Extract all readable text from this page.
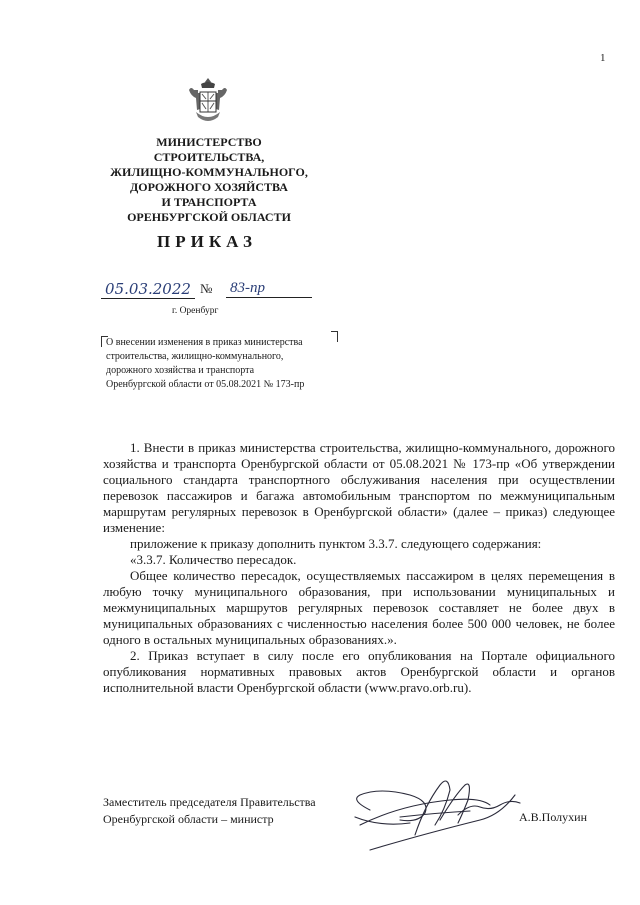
1
МИНИСТЕРСТВО
СТРОИТЕЛЬСТВА,
ЖИЛИЩНО-КОММУНАЛЬНОГО,
ДОРОЖНОГО ХОЗЯЙСТВА
И ТРАНСПОРТА
ОРЕНБУРГСКОЙ ОБЛАСТИ
ПРИКАЗ
05.03.2022 № 83-пр
г. Оренбург
О внесении изменения в приказ министерства
строительства, жилищно-коммунального,
дорожного хозяйства и транспорта
Оренбургской области от 05.08.2021 № 173-пр

1. Внести в приказ министерства строительства, жилищно-коммунального, дорожного хозяйства и транспорта Оренбургской области от 05.08.2021 № 173-пр «Об утверждении социального стандарта транспортного обслуживания населения при осуществлении перевозок пассажиров и багажа автомобильным транспортом по межмуниципальным маршрутам регулярных перевозок в Оренбургской области» (далее – приказ) следующее изменение:

приложение к приказу дополнить пунктом 3.3.7. следующего содержания:

«3.3.7. Количество пересадок.

Общее количество пересадок, осуществляемых пассажиром в целях перемещения в любую точку муниципального образования, при использовании муниципальных и межмуниципальных маршрутов регулярных перевозок составляет не более двух в муниципальных образованиях с численностью населения более 500 000 человек, не более одного в остальных муниципальных образованиях.».

2. Приказ вступает в силу после его опубликования на Портале официального опубликования нормативных правовых актов Оренбургской области и органов исполнительной власти Оренбургской области (www.pravo.orb.ru).

Заместитель председателя Правительства
Оренбургской области – министр	А.В.Полухин
